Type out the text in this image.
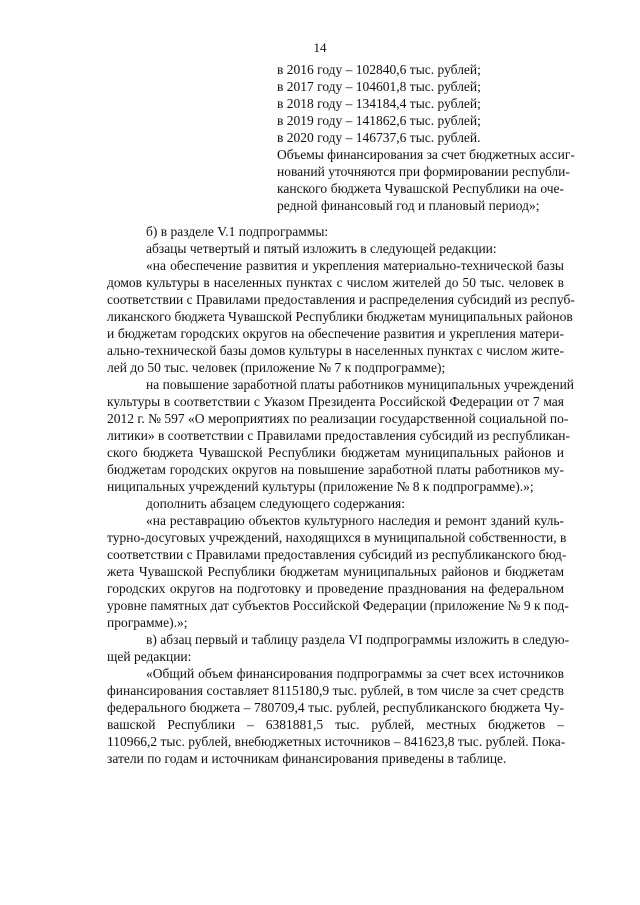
14
в 2016 году – 102840,6 тыс. рублей;
в 2017 году – 104601,8 тыс. рублей;
в 2018 году – 134184,4 тыс. рублей;
в 2019 году – 141862,6 тыс. рублей;
в 2020 году – 146737,6 тыс. рублей.
Объемы финансирования за счет бюджетных ассиг-
нований уточняются при формировании республи-
канского бюджета Чувашской Республики на оче-
редной финансовый год и плановый период»;
б) в разделе V.1 подпрограммы:
абзацы четвертый и пятый изложить в следующей редакции:
«на обеспечение развития и укрепления материально-технической базы
домов культуры в населенных пунктах с числом жителей до 50 тыс. человек в
соответствии с Правилами предоставления и распределения субсидий из респуб-
ликанского бюджета Чувашской Республики бюджетам муниципальных районов
и бюджетам городских округов на обеспечение развития и укрепления матери-
ально-технической базы домов культуры в населенных пунктах с числом жите-
лей до 50 тыс. человек (приложение № 7 к подпрограмме);
на повышение заработной платы работников муниципальных учреждений
культуры в соответствии с Указом Президента Российской Федерации от 7 мая
2012 г. № 597 «О мероприятиях по реализации государственной социальной по-
литики» в соответствии с Правилами предоставления субсидий из республикан-
ского бюджета Чувашской Республики бюджетам муниципальных районов и
бюджетам городских округов на повышение заработной платы работников му-
ниципальных учреждений культуры (приложение № 8 к подпрограмме).»;
дополнить абзацем следующего содержания:
«на реставрацию объектов культурного наследия и ремонт зданий куль-
турно-досуговых учреждений, находящихся в муниципальной собственности, в
соответствии с Правилами предоставления субсидий из республиканского бюд-
жета Чувашской Республики бюджетам муниципальных районов и бюджетам
городских округов на подготовку и проведение празднования на федеральном
уровне памятных дат субъектов Российской Федерации (приложение № 9 к под-
программе).»;
в) абзац первый и таблицу раздела VI подпрограммы изложить в следую-
щей редакции:
«Общий объем финансирования подпрограммы за счет всех источников
финансирования составляет 8115180,9 тыс. рублей, в том числе за счет средств
федерального бюджета – 780709,4 тыс. рублей, республиканского бюджета Чу-
вашской Республики – 6381881,5 тыс. рублей, местных бюджетов –
110966,2 тыс. рублей, внебюджетных источников – 841623,8 тыс. рублей. Пока-
затели по годам и источникам финансирования приведены в таблице.
